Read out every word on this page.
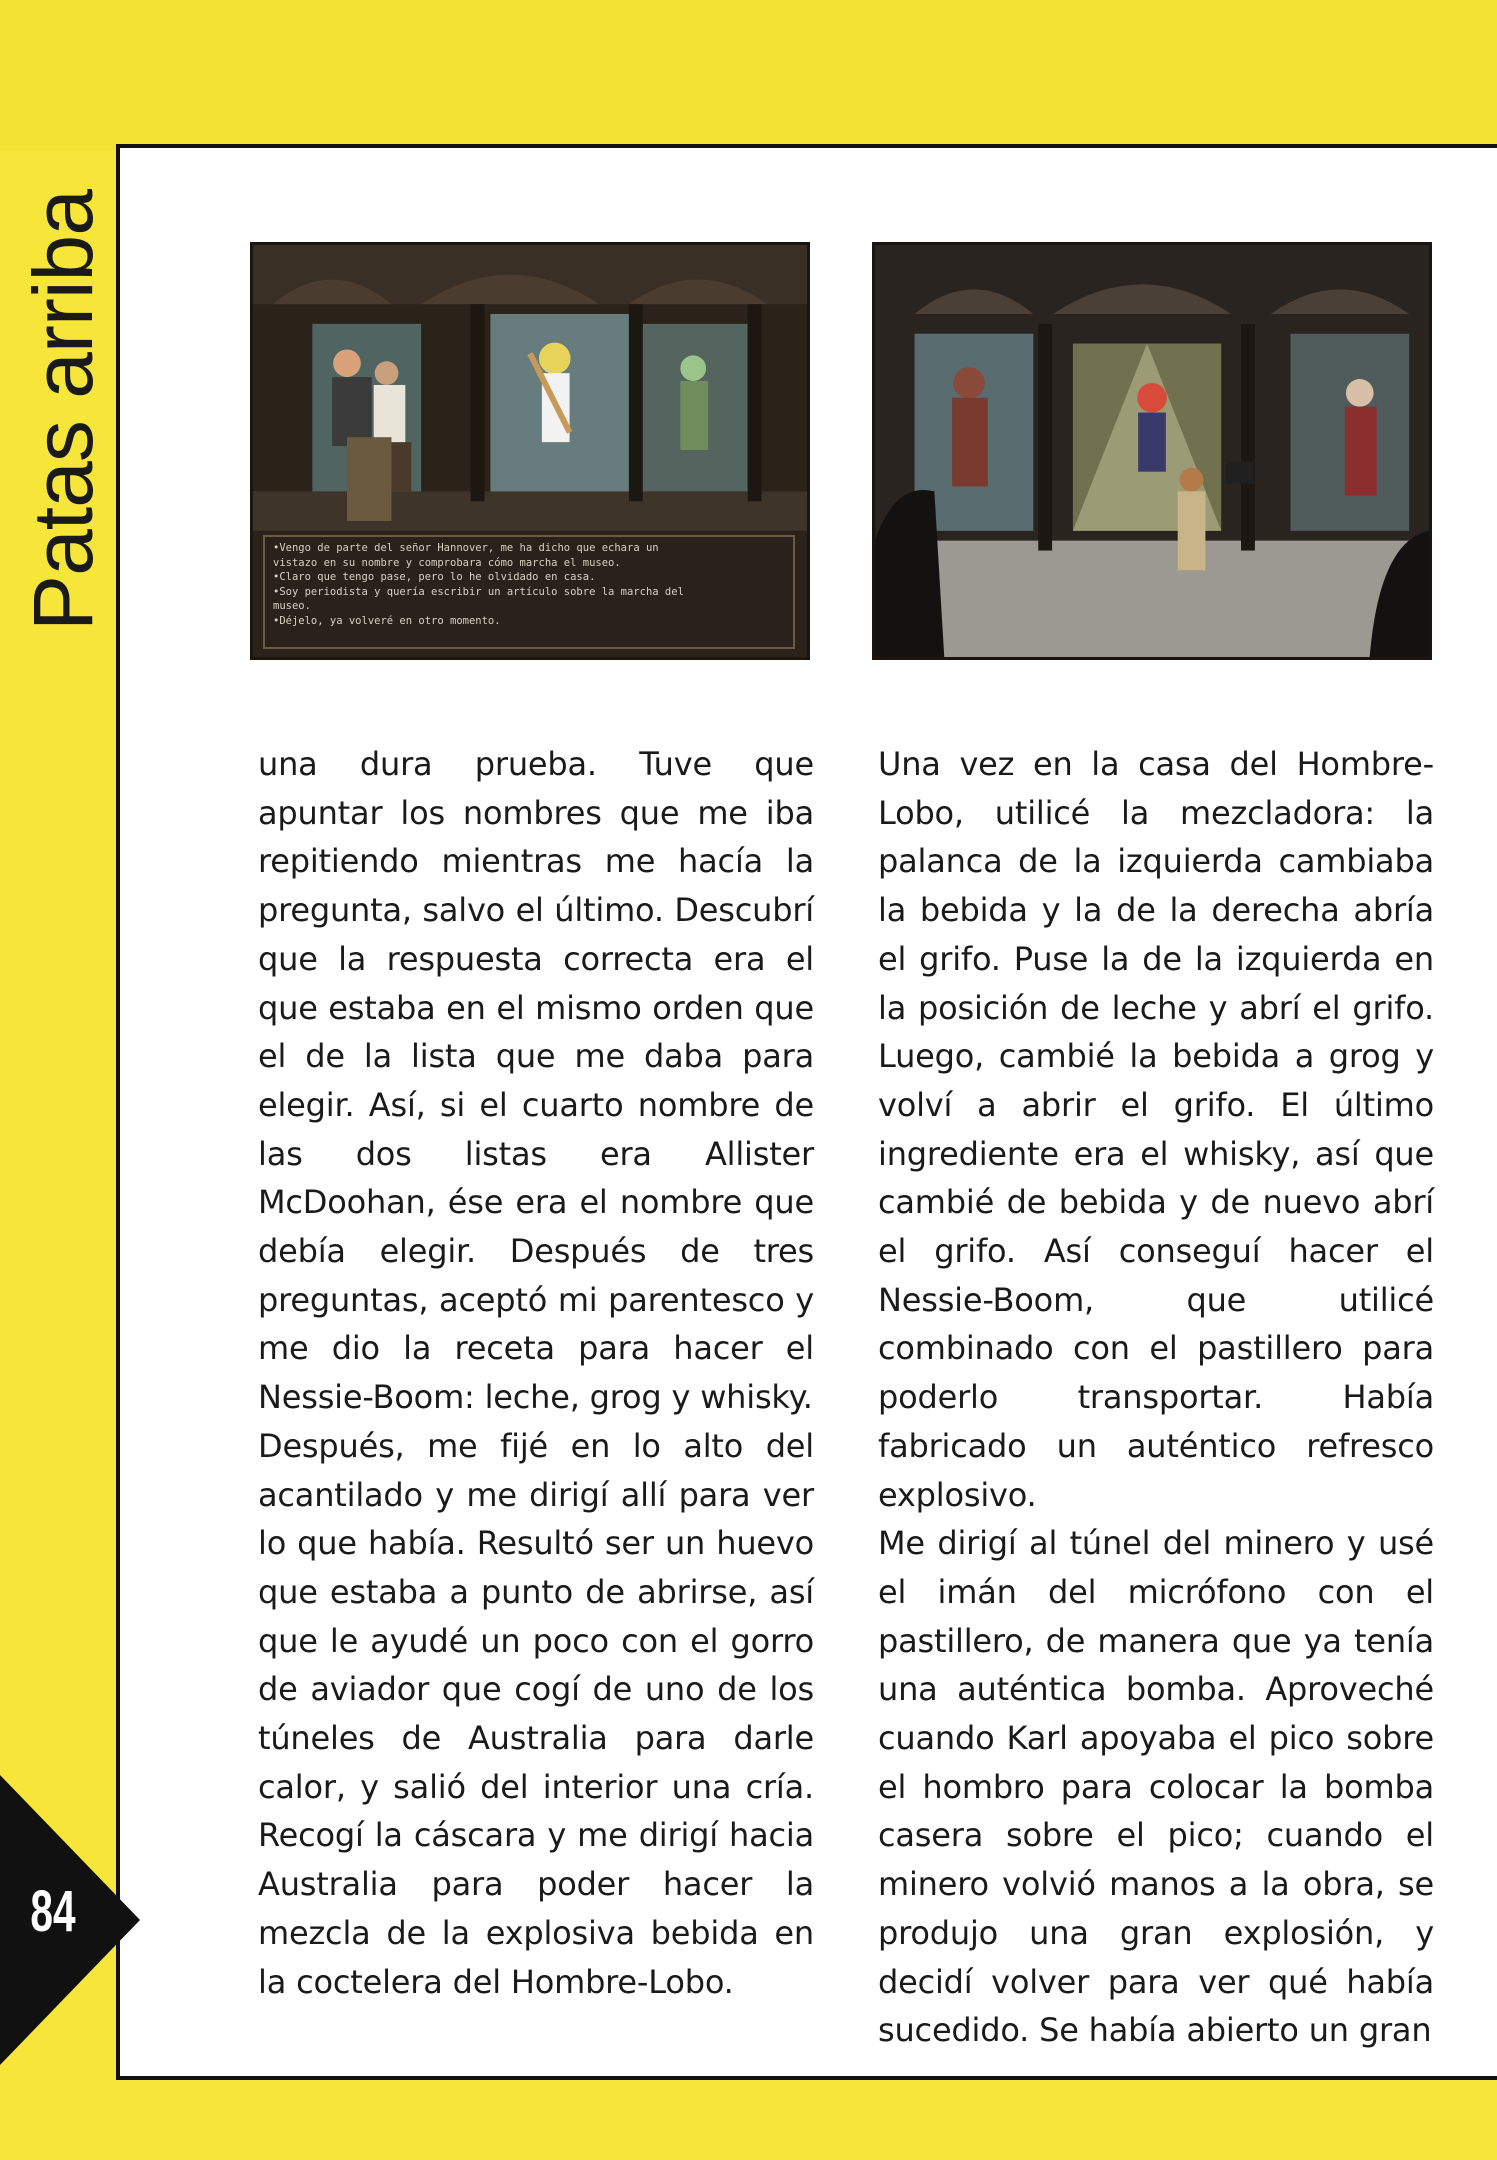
Patas arriba	•Vengo de parte del señor Hannover, me ha dicho que echara un
vistazo en su nombre y comprobara cómo marcha el museo.
•Claro que tengo pase, pero lo he olvidado en casa.
•Soy periodista y quería escribir un artículo sobre la marcha del
museo.
•Déjelo, ya volveré en otro momento.

una dura prueba. Tuve que apuntar los nombres que me iba repitiendo mientras me hacía la pregunta, salvo el último. Descubrí que la respuesta correcta era el que estaba en el mismo orden que el de la lista que me daba para elegir. Así, si el cuarto nombre de las dos listas era Allister McDoohan, ése era el nombre que debía elegir. Después de tres preguntas, aceptó mi parentesco y me dio la receta para hacer el Nessie-Boom: leche, grog y whisky.

Después, me fijé en lo alto del acantilado y me dirigí allí para ver lo que había. Resultó ser un huevo que estaba a punto de abrirse, así que le ayudé un poco con el gorro de aviador que cogí de uno de los túneles de Australia para darle calor, y salió del interior una cría. Recogí la cáscara y me dirigí hacia Australia para poder hacer la mezcla de la explosiva bebida en la coctelera del Hombre-Lobo.

Una vez en la casa del Hombre-Lobo, utilicé la mezcladora: la palanca de la izquierda cambiaba la bebida y la de la derecha abría el grifo. Puse la de la izquierda en la posición de leche y abrí el grifo. Luego, cambié la bebida a grog y volví a abrir el grifo. El último ingrediente era el whisky, así que cambié de bebida y de nuevo abrí el grifo. Así conseguí hacer el Nessie-Boom, que utilicé combinado con el pastillero para poderlo transportar. Había fabricado un auténtico refresco explosivo.

Me dirigí al túnel del minero y usé el imán del micrófono con el pastillero, de manera que ya tenía una auténtica bomba. Aproveché cuando Karl apoyaba el pico sobre el hombro para colocar la bomba casera sobre el pico; cuando el minero volvió manos a la obra, se produjo una gran explosión, y decidí volver para ver qué había sucedido. Se había abierto un gran

84
